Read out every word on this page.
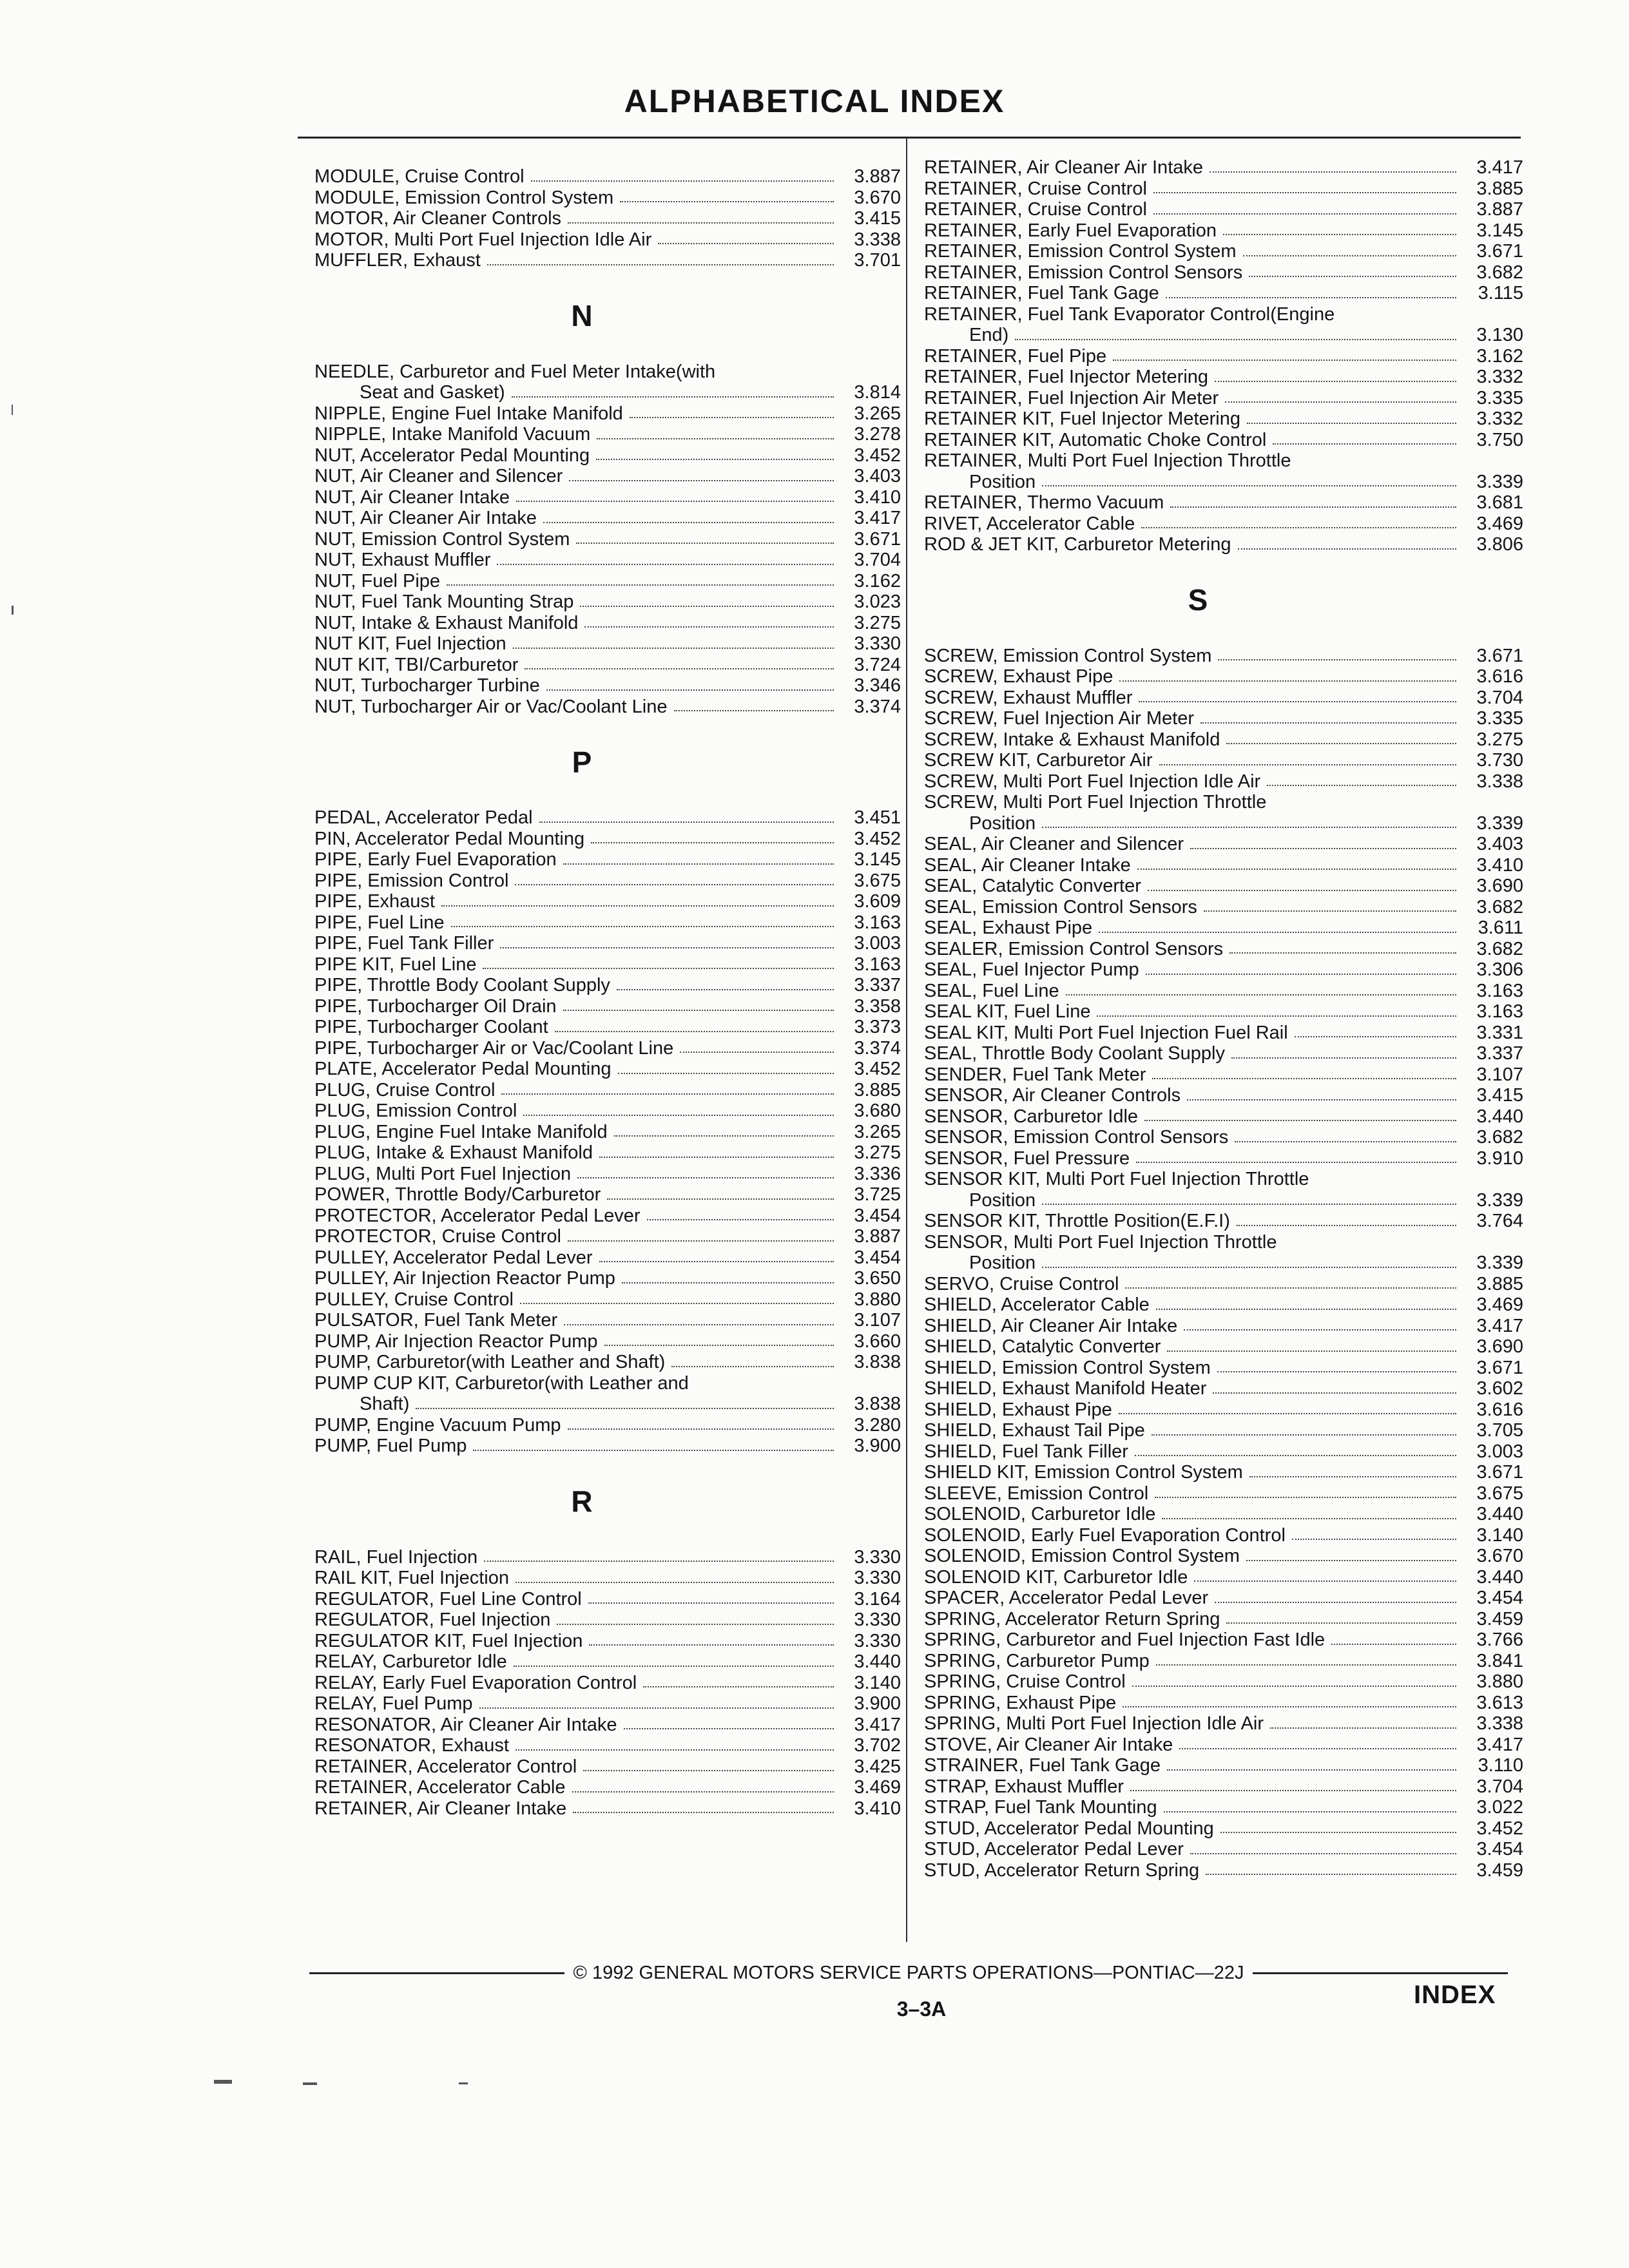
ALPHABETICAL INDEX
MODULE, Cruise Control	3.887
MODULE, Emission Control System	3.670
MOTOR, Air Cleaner Controls	3.415
MOTOR, Multi Port Fuel Injection Idle Air	3.338
MUFFLER, Exhaust	3.701
N
NEEDLE, Carburetor and Fuel Meter Intake(with
Seat and Gasket)	3.814
NIPPLE, Engine Fuel Intake Manifold	3.265
NIPPLE, Intake Manifold Vacuum	3.278
NUT, Accelerator Pedal Mounting	3.452
NUT, Air Cleaner and Silencer	3.403
NUT, Air Cleaner Intake	3.410
NUT, Air Cleaner Air Intake	3.417
NUT, Emission Control System	3.671
NUT, Exhaust Muffler	3.704
NUT, Fuel Pipe	3.162
NUT, Fuel Tank Mounting Strap	3.023
NUT, Intake & Exhaust Manifold	3.275
NUT KIT, Fuel Injection	3.330
NUT KIT, TBI/Carburetor	3.724
NUT, Turbocharger Turbine	3.346
NUT, Turbocharger Air or Vac/Coolant Line	3.374
P
PEDAL, Accelerator Pedal	3.451
PIN, Accelerator Pedal Mounting	3.452
PIPE, Early Fuel Evaporation	3.145
PIPE, Emission Control	3.675
PIPE, Exhaust	3.609
PIPE, Fuel Line	3.163
PIPE, Fuel Tank Filler	3.003
PIPE KIT, Fuel Line	3.163
PIPE, Throttle Body Coolant Supply	3.337
PIPE, Turbocharger Oil Drain	3.358
PIPE, Turbocharger Coolant	3.373
PIPE, Turbocharger Air or Vac/Coolant Line	3.374
PLATE, Accelerator Pedal Mounting	3.452
PLUG, Cruise Control	3.885
PLUG, Emission Control	3.680
PLUG, Engine Fuel Intake Manifold	3.265
PLUG, Intake & Exhaust Manifold	3.275
PLUG, Multi Port Fuel Injection	3.336
POWER, Throttle Body/Carburetor	3.725
PROTECTOR, Accelerator Pedal Lever	3.454
PROTECTOR, Cruise Control	3.887
PULLEY, Accelerator Pedal Lever	3.454
PULLEY, Air Injection Reactor Pump	3.650
PULLEY, Cruise Control	3.880
PULSATOR, Fuel Tank Meter	3.107
PUMP, Air Injection Reactor Pump	3.660
PUMP, Carburetor(with Leather and Shaft)	3.838
PUMP CUP KIT, Carburetor(with Leather and
Shaft)	3.838
PUMP, Engine Vacuum Pump	3.280
PUMP, Fuel Pump	3.900
R
RAIL, Fuel Injection	3.330
RAIL KIT, Fuel Injection	3.330
REGULATOR, Fuel Line Control	3.164
REGULATOR, Fuel Injection	3.330
REGULATOR KIT, Fuel Injection	3.330
RELAY, Carburetor Idle	3.440
RELAY, Early Fuel Evaporation Control	3.140
RELAY, Fuel Pump	3.900
RESONATOR, Air Cleaner Air Intake	3.417
RESONATOR, Exhaust	3.702
RETAINER, Accelerator Control	3.425
RETAINER, Accelerator Cable	3.469
RETAINER, Air Cleaner Intake	3.410
RETAINER, Air Cleaner Air Intake	3.417
RETAINER, Cruise Control	3.885
RETAINER, Cruise Control	3.887
RETAINER, Early Fuel Evaporation	3.145
RETAINER, Emission Control System	3.671
RETAINER, Emission Control Sensors	3.682
RETAINER, Fuel Tank Gage	3.115
RETAINER, Fuel Tank Evaporator Control(Engine
End)	3.130
RETAINER, Fuel Pipe	3.162
RETAINER, Fuel Injector Metering	3.332
RETAINER, Fuel Injection Air Meter	3.335
RETAINER KIT, Fuel Injector Metering	3.332
RETAINER KIT, Automatic Choke Control	3.750
RETAINER, Multi Port Fuel Injection Throttle
Position	3.339
RETAINER, Thermo Vacuum	3.681
RIVET, Accelerator Cable	3.469
ROD & JET KIT, Carburetor Metering	3.806
S
SCREW, Emission Control System	3.671
SCREW, Exhaust Pipe	3.616
SCREW, Exhaust Muffler	3.704
SCREW, Fuel Injection Air Meter	3.335
SCREW, Intake & Exhaust Manifold	3.275
SCREW KIT, Carburetor Air	3.730
SCREW, Multi Port Fuel Injection Idle Air	3.338
SCREW, Multi Port Fuel Injection Throttle
Position	3.339
SEAL, Air Cleaner and Silencer	3.403
SEAL, Air Cleaner Intake	3.410
SEAL, Catalytic Converter	3.690
SEAL, Emission Control Sensors	3.682
SEAL, Exhaust Pipe	3.611
SEALER, Emission Control Sensors	3.682
SEAL, Fuel Injector Pump	3.306
SEAL, Fuel Line	3.163
SEAL KIT, Fuel Line	3.163
SEAL KIT, Multi Port Fuel Injection Fuel Rail	3.331
SEAL, Throttle Body Coolant Supply	3.337
SENDER, Fuel Tank Meter	3.107
SENSOR, Air Cleaner Controls	3.415
SENSOR, Carburetor Idle	3.440
SENSOR, Emission Control Sensors	3.682
SENSOR, Fuel Pressure	3.910
SENSOR KIT, Multi Port Fuel Injection Throttle
Position	3.339
SENSOR KIT, Throttle Position(E.F.I)	3.764
SENSOR, Multi Port Fuel Injection Throttle
Position	3.339
SERVO, Cruise Control	3.885
SHIELD, Accelerator Cable	3.469
SHIELD, Air Cleaner Air Intake	3.417
SHIELD, Catalytic Converter	3.690
SHIELD, Emission Control System	3.671
SHIELD, Exhaust Manifold Heater	3.602
SHIELD, Exhaust Pipe	3.616
SHIELD, Exhaust Tail Pipe	3.705
SHIELD, Fuel Tank Filler	3.003
SHIELD KIT, Emission Control System	3.671
SLEEVE, Emission Control	3.675
SOLENOID, Carburetor Idle	3.440
SOLENOID, Early Fuel Evaporation Control	3.140
SOLENOID, Emission Control System	3.670
SOLENOID KIT, Carburetor Idle	3.440
SPACER, Accelerator Pedal Lever	3.454
SPRING, Accelerator Return Spring	3.459
SPRING, Carburetor and Fuel Injection Fast Idle	3.766
SPRING, Carburetor Pump	3.841
SPRING, Cruise Control	3.880
SPRING, Exhaust Pipe	3.613
SPRING, Multi Port Fuel Injection Idle Air	3.338
STOVE, Air Cleaner Air Intake	3.417
STRAINER, Fuel Tank Gage	3.110
STRAP, Exhaust Muffler	3.704
STRAP, Fuel Tank Mounting	3.022
STUD, Accelerator Pedal Mounting	3.452
STUD, Accelerator Pedal Lever	3.454
STUD, Accelerator Return Spring	3.459
© 1992 GENERAL MOTORS SERVICE PARTS OPERATIONS—PONTIAC—22J
3–3A	INDEX
